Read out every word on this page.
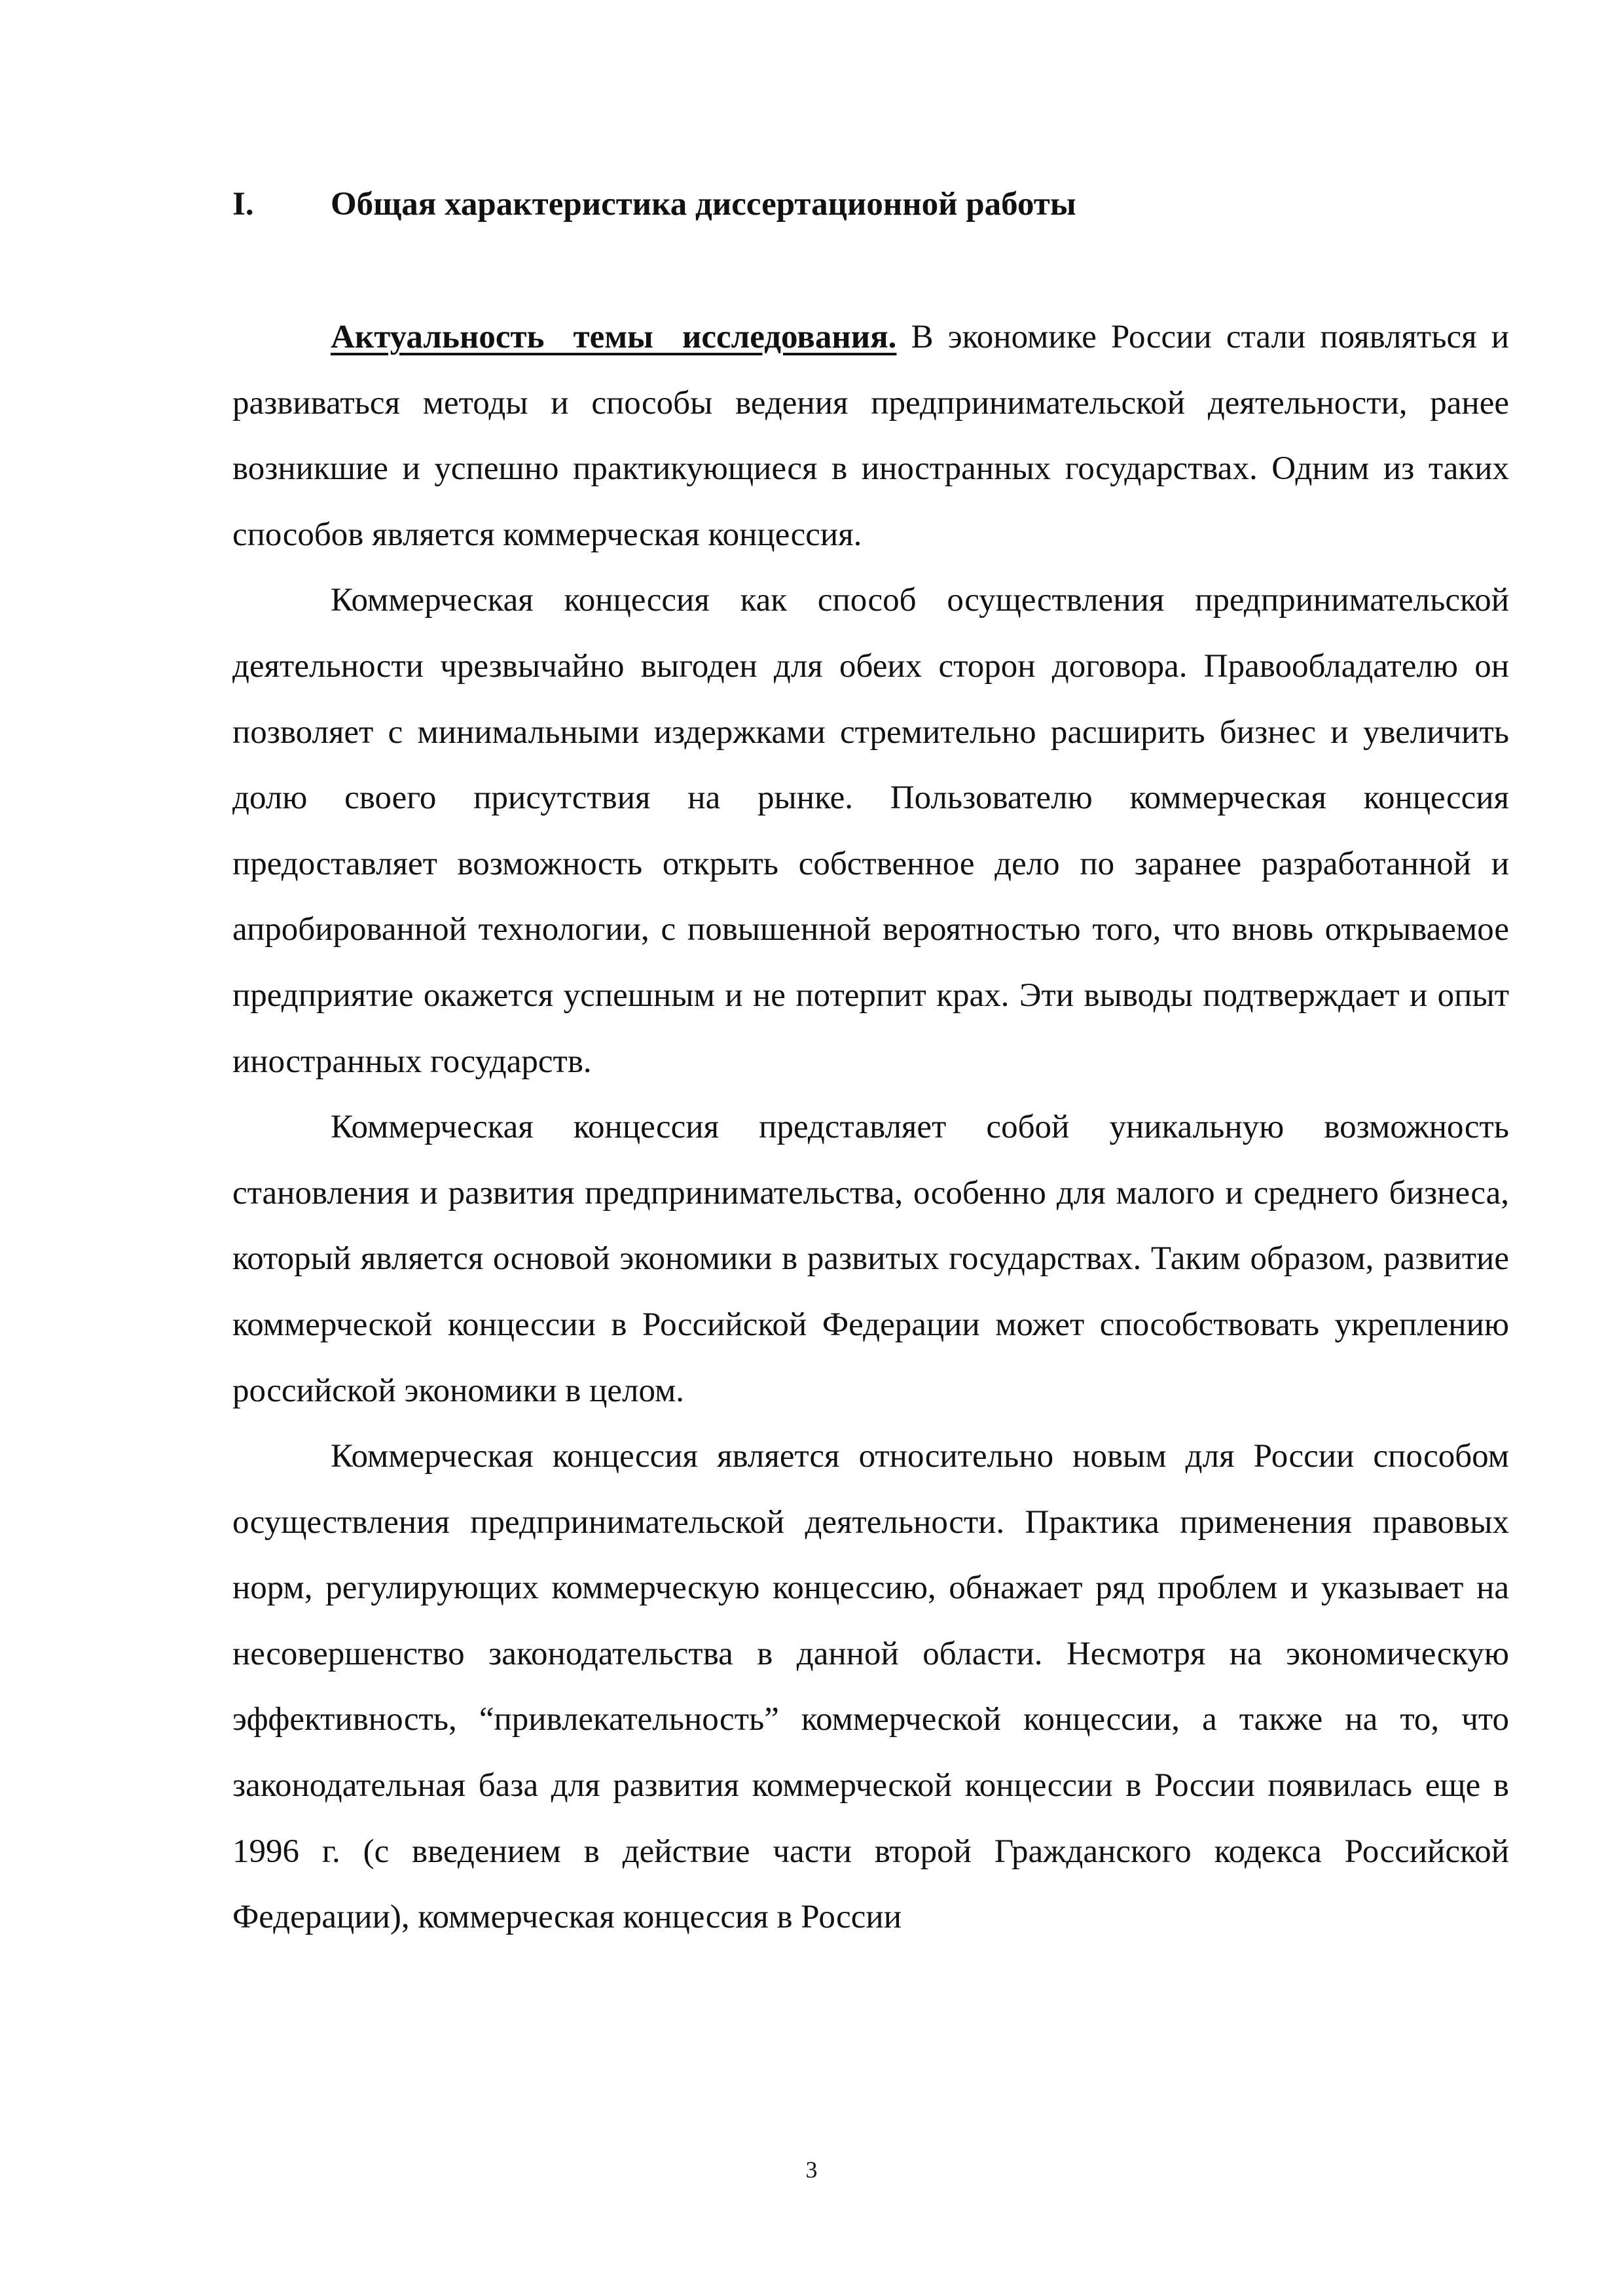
I. Общая характеристика диссертационной работы

Актуальность темы исследования. В экономике России стали появляться и развиваться методы и способы ведения предпринимательской деятельности, ранее возникшие и успешно практикующиеся в иностранных государствах. Одним из таких способов является коммерческая концессия.

Коммерческая концессия как способ осуществления предпринимательской деятельности чрезвычайно выгоден для обеих сторон договора. Правообладателю он позволяет с минимальными издержками стремительно расширить бизнес и увеличить долю своего присутствия на рынке. Пользователю коммерческая концессия предоставляет возможность открыть собственное дело по заранее разработанной и апробированной технологии, с повышенной вероятностью того, что вновь открываемое предприятие окажется успешным и не потерпит крах. Эти выводы подтверждает и опыт иностранных государств.

Коммерческая концессия представляет собой уникальную возможность становления и развития предпринимательства, особенно для малого и среднего бизнеса, который является основой экономики в развитых государствах. Таким образом, развитие коммерческой концессии в Российской Федерации может способствовать укреплению российской экономики в целом.

Коммерческая концессия является относительно новым для России способом осуществления предпринимательской деятельности. Практика применения правовых норм, регулирующих коммерческую концессию, обнажает ряд проблем и указывает на несовершенство законодательства в данной области. Несмотря на экономическую эффективность, “привлекательность” коммерческой концессии, а также на то, что законодательная база для развития коммерческой концессии в России появилась еще в 1996 г. (с введением в действие части второй Гражданского кодекса Российской Федерации), коммерческая концессия в России

3
